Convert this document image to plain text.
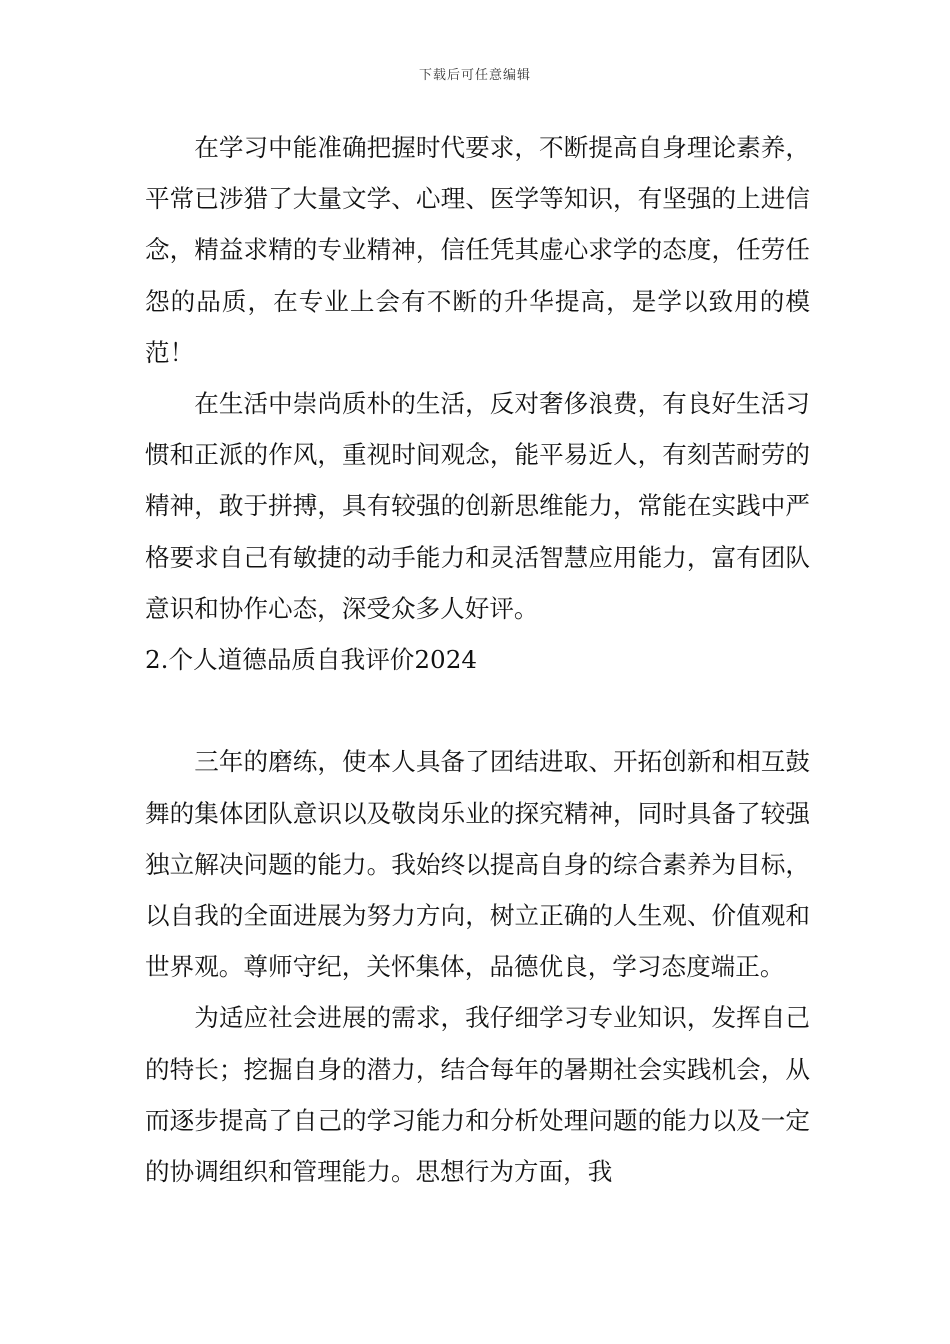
下载后可任意编辑

在学习中能准确把握时代要求，不断提高自身理论素养，平常已涉猎了大量文学、心理、医学等知识，有坚强的上进信念，精益求精的专业精神，信任凭其虚心求学的态度，任劳任怨的品质，在专业上会有不断的升华提高，是学以致用的模范！

在生活中崇尚质朴的生活，反对奢侈浪费，有良好生活习惯和正派的作风，重视时间观念，能平易近人，有刻苦耐劳的精神，敢于拼搏，具有较强的创新思维能力，常能在实践中严格要求自己有敏捷的动手能力和灵活智慧应用能力，富有团队意识和协作心态，深受众多人好评。

2.个人道德品质自我评价2024

三年的磨练，使本人具备了团结进取、开拓创新和相互鼓舞的集体团队意识以及敬岗乐业的探究精神，同时具备了较强独立解决问题的能力。我始终以提高自身的综合素养为目标，以自我的全面进展为努力方向，树立正确的人生观、价值观和世界观。尊师守纪，关怀集体，品德优良，学习态度端正。

为适应社会进展的需求，我仔细学习专业知识，发挥自己的特长；挖掘自身的潜力，结合每年的暑期社会实践机会，从而逐步提高了自己的学习能力和分析处理问题的能力以及一定的协调组织和管理能力。思想行为方面，我
